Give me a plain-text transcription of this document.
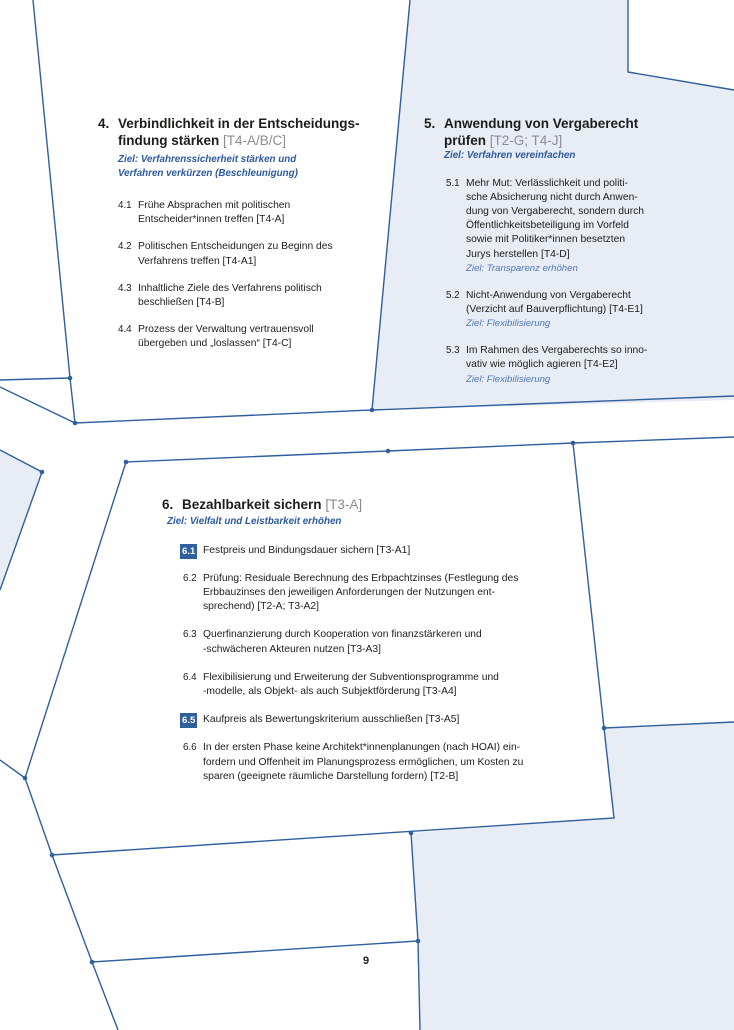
4. Verbindlichkeit in der Entscheidungs-
findung stärken [T4-A/B/C]
Ziel: Verfahrenssicherheit stärken und
Verfahren verkürzen (Beschleunigung)
4.1 Frühe Absprachen mit politischen
Entscheider*innen treffen [T4-A]
4.2 Politischen Entscheidungen zu Beginn des
Verfahrens treffen [T4-A1]
4.3 Inhaltliche Ziele des Verfahrens politisch
beschließen [T4-B]
4.4 Prozess der Verwaltung vertrauensvoll
übergeben und „loslassen“ [T4-C]
5. Anwendung von Vergaberecht
prüfen [T2-G; T4-J]
Ziel: Verfahren vereinfachen
5.1 Mehr Mut: Verlässlichkeit und politi-
sche Absicherung nicht durch Anwen-
dung von Vergaberecht, sondern durch
Öffentlichkeitsbeteiligung im Vorfeld
sowie mit Politiker*innen besetzten
Jurys herstellen [T4-D]
Ziel: Transparenz erhöhen
5.2 Nicht-Anwendung von Vergaberecht
(Verzicht auf Bauverpflichtung) [T4-E1]
Ziel: Flexibilisierung
5.3 Im Rahmen des Vergaberechts so inno-
vativ wie möglich agieren [T4-E2]
Ziel: Flexibilisierung
6. Bezahlbarkeit sichern [T3-A]
Ziel: Vielfalt und Leistbarkeit erhöhen
6.1 Festpreis und Bindungsdauer sichern [T3-A1]
6.2 Prüfung: Residuale Berechnung des Erbpachtzinses (Festlegung des
Erbbauzinses den jeweiligen Anforderungen der Nutzungen ent-
sprechend) [T2-A; T3-A2]
6.3 Querfinanzierung durch Kooperation von finanzstärkeren und
-schwächeren Akteuren nutzen [T3-A3]
6.4 Flexibilisierung und Erweiterung der Subventionsprogramme und
-modelle, als Objekt- als auch Subjektförderung [T3-A4]
6.5 Kaufpreis als Bewertungskriterium ausschließen [T3-A5]
6.6 In der ersten Phase keine Architekt*innenplanungen (nach HOAI) ein-
fordern und Offenheit im Planungsprozess ermöglichen, um Kosten zu
sparen (geeignete räumliche Darstellung fordern) [T2-B]
9
